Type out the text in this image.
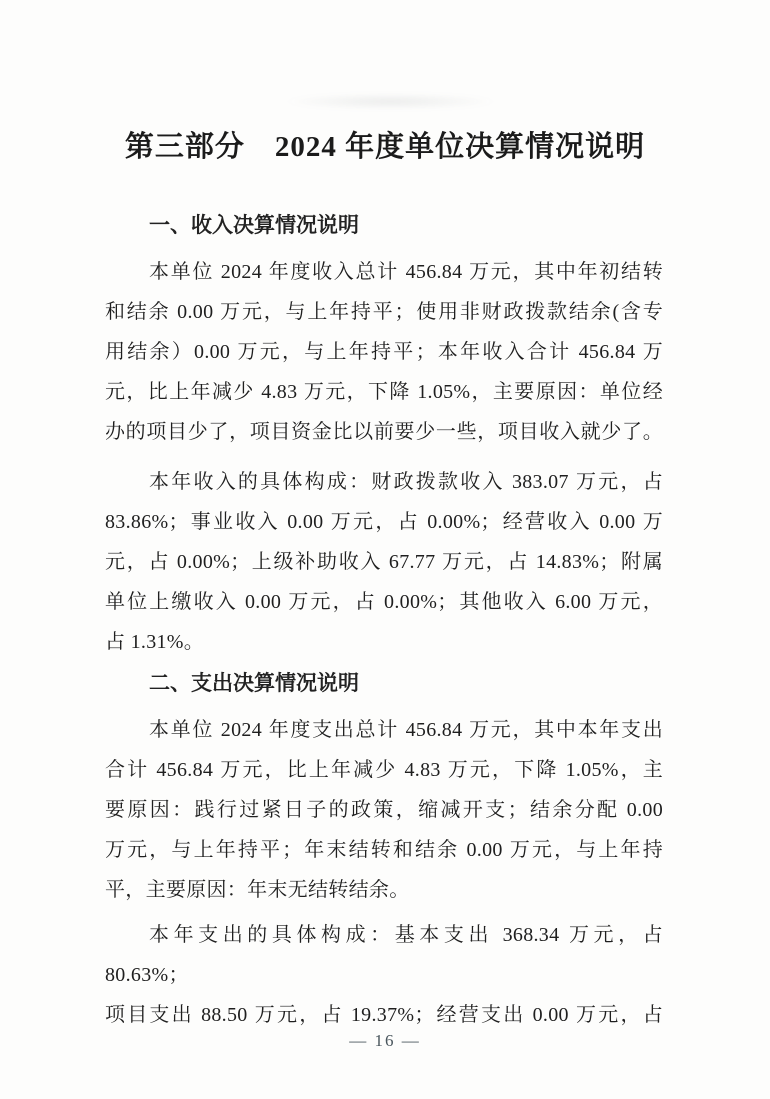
第三部分　2024 年度单位决算情况说明
一、收入决算情况说明
本单位 2024 年度收入总计 456.84 万元，其中年初结转
和结余 0.00 万元，与上年持平；使用非财政拨款结余(含专
用结余）0.00 万元，与上年持平；本年收入合计 456.84 万
元，比上年减少 4.83 万元，下降 1.05%，主要原因：单位经
办的项目少了，项目资金比以前要少一些，项目收入就少了。
本年收入的具体构成：财政拨款收入 383.07 万元，占
83.86%；事业收入 0.00 万元，占 0.00%；经营收入 0.00 万
元，占 0.00%；上级补助收入 67.77 万元，占 14.83%；附属
单位上缴收入 0.00 万元，占 0.00%；其他收入 6.00 万元，
占 1.31%。
二、支出决算情况说明
本单位 2024 年度支出总计 456.84 万元，其中本年支出
合计 456.84 万元，比上年减少 4.83 万元，下降 1.05%，主
要原因：践行过紧日子的政策，缩减开支；结余分配 0.00
万元，与上年持平；年末结转和结余 0.00 万元，与上年持
平，主要原因：年末无结转结余。
本年支出的具体构成：基本支出 368.34 万元，占 80.63%；
项目支出 88.50 万元，占 19.37%；经营支出 0.00 万元，占
— 16 —
